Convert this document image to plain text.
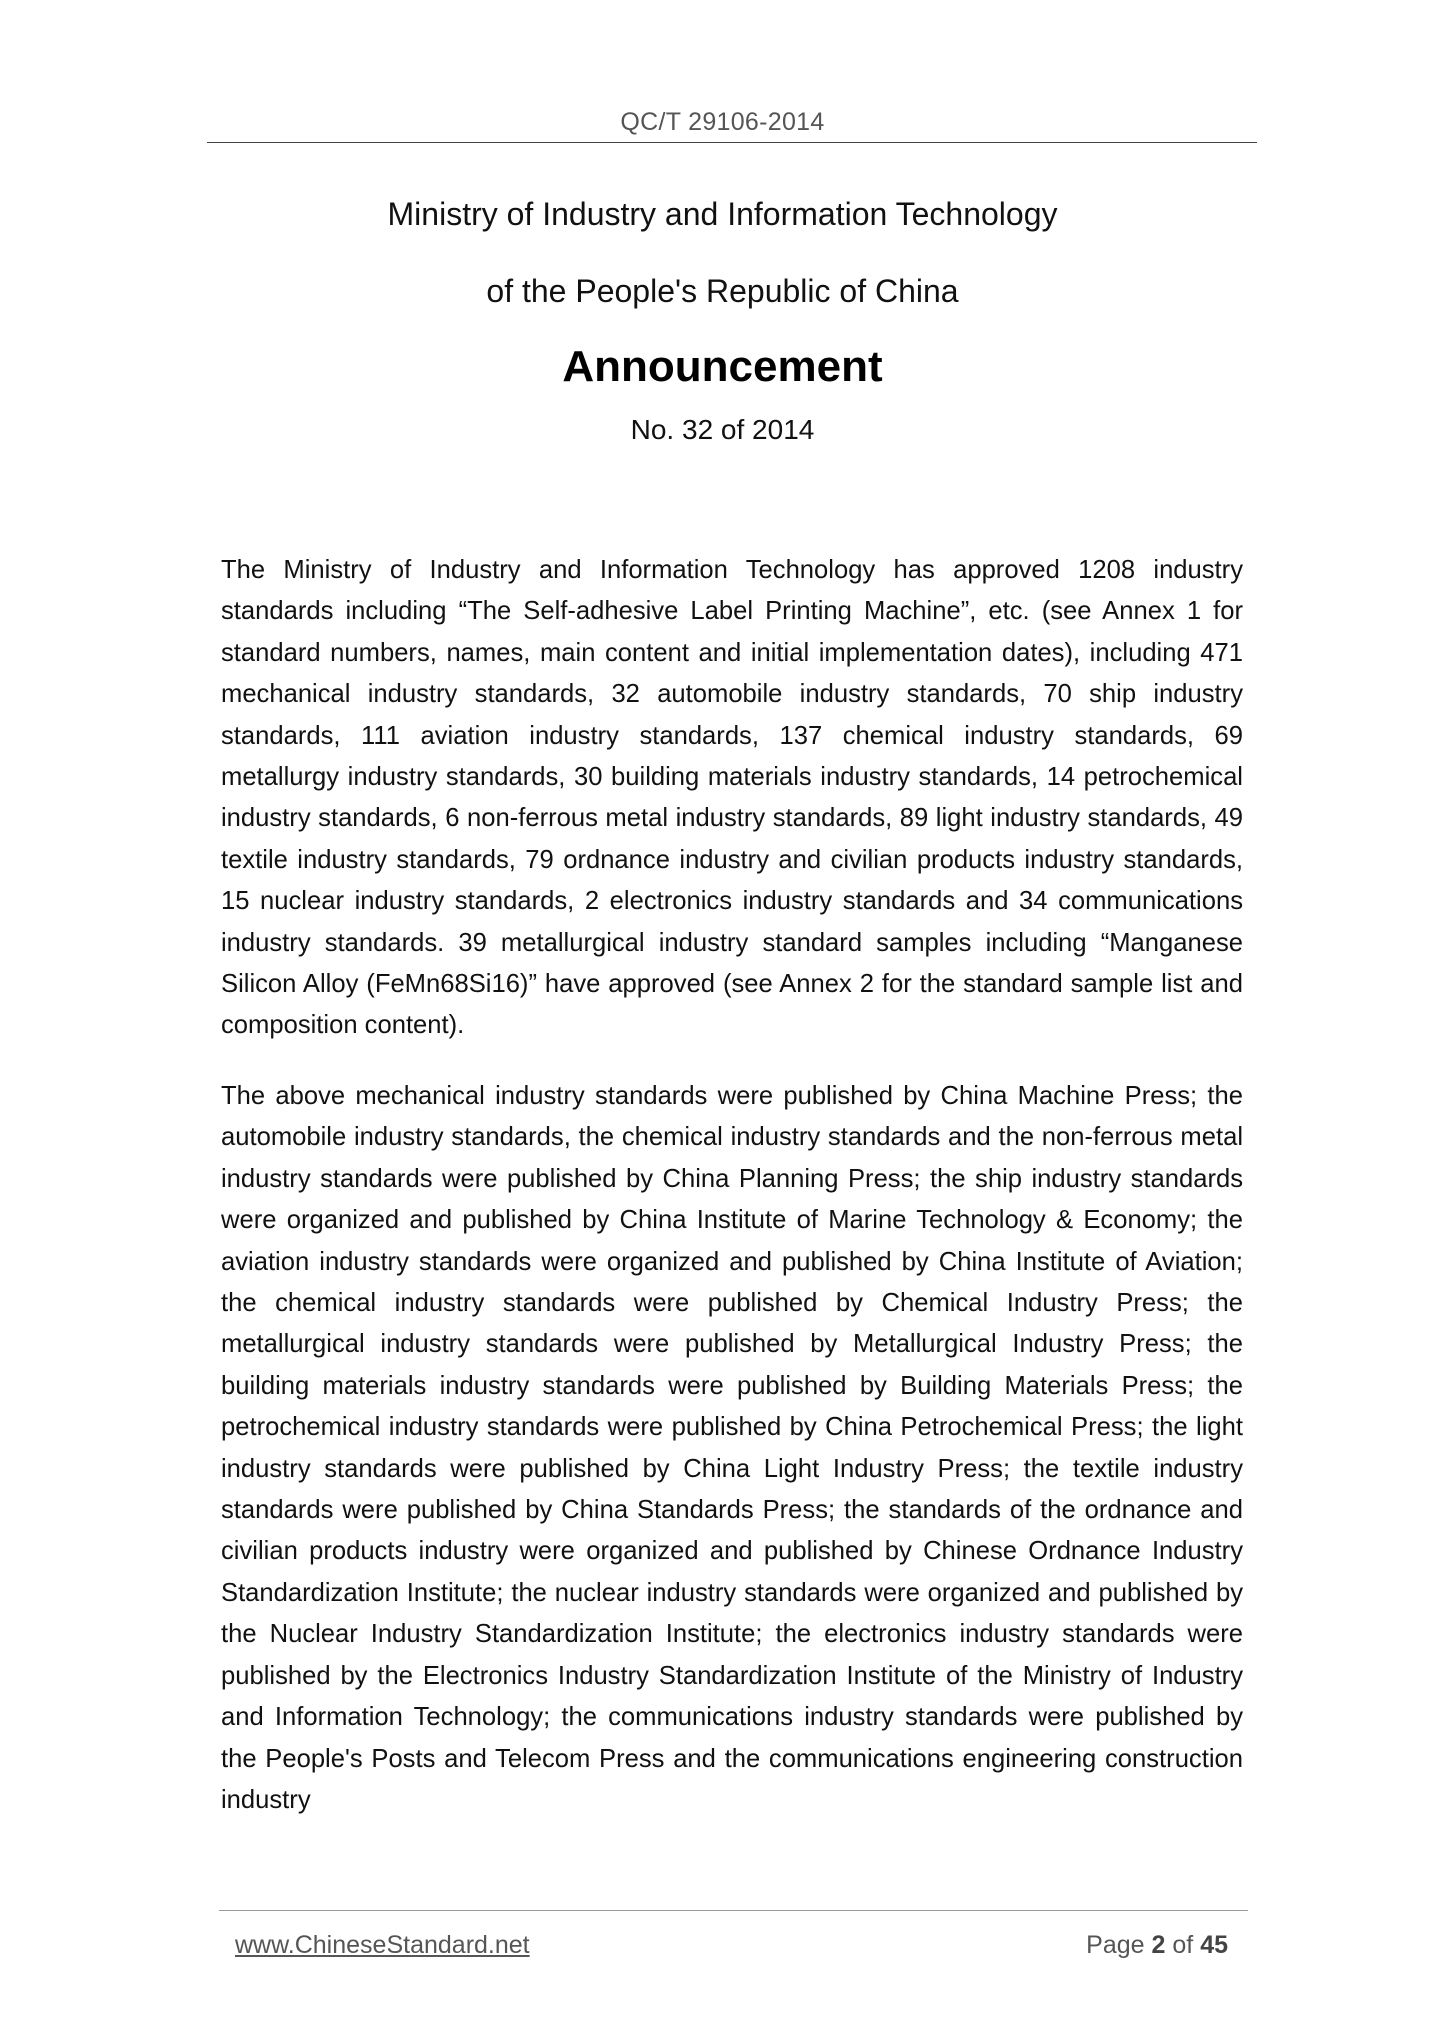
QC/T 29106-2014
Ministry of Industry and Information Technology
of the People's Republic of China
Announcement
No. 32 of 2014

The Ministry of Industry and Information Technology has approved 1208 industry standards including “The Self-adhesive Label Printing Machine”, etc. (see Annex 1 for standard numbers, names, main content and initial implementation dates), including 471 mechanical industry standards, 32 automobile industry standards, 70 ship industry standards, 111 aviation industry standards, 137 chemical industry standards, 69 metallurgy industry standards, 30 building materials industry standards, 14 petrochemical industry standards, 6 non-ferrous metal industry standards, 89 light industry standards, 49 textile industry standards, 79 ordnance industry and civilian products industry standards, 15 nuclear industry standards, 2 electronics industry standards and 34 communications industry standards. 39 metallurgical industry standard samples including “Manganese Silicon Alloy (FeMn68Si16)” have approved (see Annex 2 for the standard sample list and composition content).

The above mechanical industry standards were published by China Machine Press; the automobile industry standards, the chemical industry standards and the non-ferrous metal industry standards were published by China Planning Press; the ship industry standards were organized and published by China Institute of Marine Technology & Economy; the aviation industry standards were organized and published by China Institute of Aviation; the chemical industry standards were published by Chemical Industry Press; the metallurgical industry standards were published by Metallurgical Industry Press; the building materials industry standards were published by Building Materials Press; the petrochemical industry standards were published by China Petrochemical Press; the light industry standards were published by China Light Industry Press; the textile industry standards were published by China Standards Press; the standards of the ordnance and civilian products industry were organized and published by Chinese Ordnance Industry Standardization Institute; the nuclear industry standards were organized and published by the Nuclear Industry Standardization Institute; the electronics industry standards were published by the Electronics Industry Standardization Institute of the Ministry of Industry and Information Technology; the communications industry standards were published by the People's Posts and Telecom Press and the communications engineering construction industry

www.ChineseStandard.net	Page 2 of 45
